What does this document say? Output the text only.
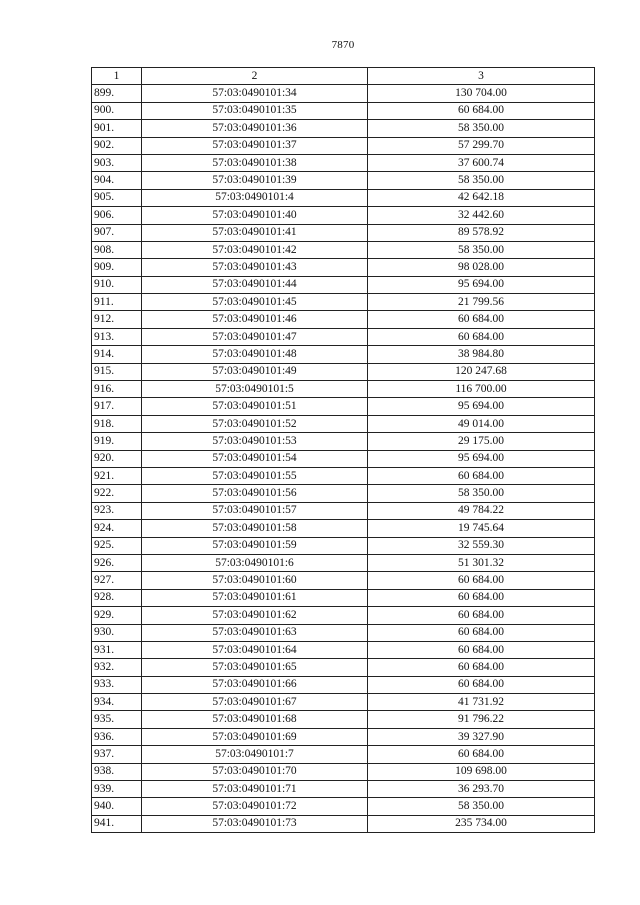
7870
1	2	3
899.	57:03:0490101:34	130 704.00
900.	57:03:0490101:35	60 684.00
901.	57:03:0490101:36	58 350.00
902.	57:03:0490101:37	57 299.70
903.	57:03:0490101:38	37 600.74
904.	57:03:0490101:39	58 350.00
905.	57:03:0490101:4	42 642.18
906.	57:03:0490101:40	32 442.60
907.	57:03:0490101:41	89 578.92
908.	57:03:0490101:42	58 350.00
909.	57:03:0490101:43	98 028.00
910.	57:03:0490101:44	95 694.00
911.	57:03:0490101:45	21 799.56
912.	57:03:0490101:46	60 684.00
913.	57:03:0490101:47	60 684.00
914.	57:03:0490101:48	38 984.80
915.	57:03:0490101:49	120 247.68
916.	57:03:0490101:5	116 700.00
917.	57:03:0490101:51	95 694.00
918.	57:03:0490101:52	49 014.00
919.	57:03:0490101:53	29 175.00
920.	57:03:0490101:54	95 694.00
921.	57:03:0490101:55	60 684.00
922.	57:03:0490101:56	58 350.00
923.	57:03:0490101:57	49 784.22
924.	57:03:0490101:58	19 745.64
925.	57:03:0490101:59	32 559.30
926.	57:03:0490101:6	51 301.32
927.	57:03:0490101:60	60 684.00
928.	57:03:0490101:61	60 684.00
929.	57:03:0490101:62	60 684.00
930.	57:03:0490101:63	60 684.00
931.	57:03:0490101:64	60 684.00
932.	57:03:0490101:65	60 684.00
933.	57:03:0490101:66	60 684.00
934.	57:03:0490101:67	41 731.92
935.	57:03:0490101:68	91 796.22
936.	57:03:0490101:69	39 327.90
937.	57:03:0490101:7	60 684.00
938.	57:03:0490101:70	109 698.00
939.	57:03:0490101:71	36 293.70
940.	57:03:0490101:72	58 350.00
941.	57:03:0490101:73	235 734.00
